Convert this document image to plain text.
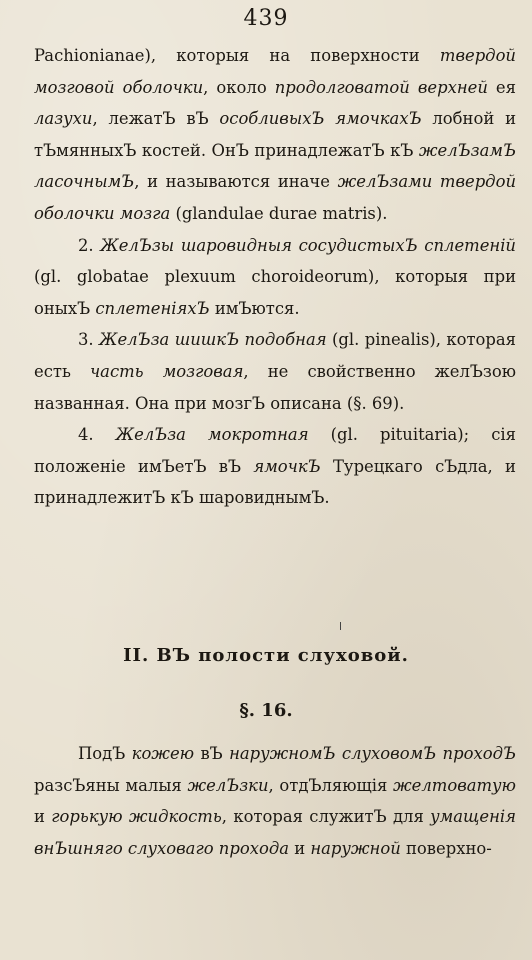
439

Pachionianae), которыя на поверхности твердой мозговой оболочки, около продолговатой верхней ея лазухи, лежатЪ вЪ особливыхЪ ямочкахЪ лобной и тЪмянныхЪ костей. ОнЪ принадлежатЪ кЪ желЪзамЪ ласочнымЪ, и называются иначе желЪзами твердой оболочки мозга (glandulae durae matris).

2. ЖелЪзы шаровидныя сосудистыхЪ сплетеній (gl. globatae plexuum choroideorum), которыя при оныхЪ сплетеніяхЪ имЪются.

3. ЖелЪза шишкЪ подобная (gl. pinealis), которая есть часть мозговая, не свойственно желЪзою названная. Она при мозгЪ описана (§. 69).

4. ЖелЪза мокротная (gl. pituitaria); сія положеніе имЪетЪ вЪ ямочкЪ Турецкаго сЪдла, и принадлежитЪ кЪ шаровиднымЪ.

II. ВЪ полости слуховой.
§. 16.

ПодЪ кожею вЪ наружномЪ слуховомЪ проходЪ разсЪяны малыя желЪзки, отдЪляющія желтоватую и горькую жидкость, которая служитЪ для умащенія внЪшняго слуховаго прохода и наружной поверхно-
